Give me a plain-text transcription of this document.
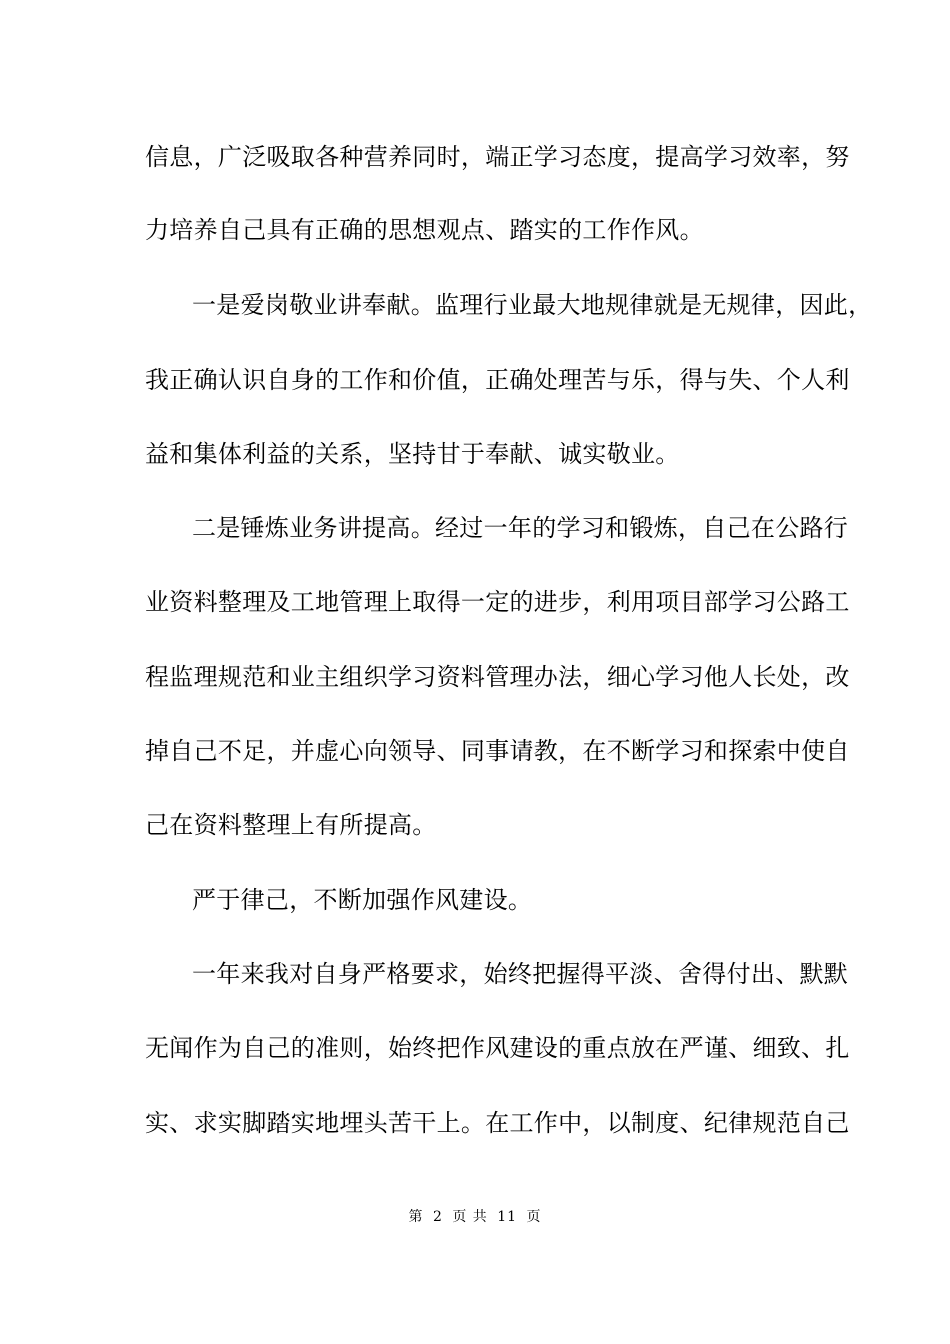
信息，广泛吸取各种营养同时，端正学习态度，提高学习效率，努
力培养自己具有正确的思想观点、踏实的工作作风。
一是爱岗敬业讲奉献。监理行业最大地规律就是无规律，因此，
我正确认识自身的工作和价值，正确处理苦与乐，得与失、个人利
益和集体利益的关系，坚持甘于奉献、诚实敬业。
二是锤炼业务讲提高。经过一年的学习和锻炼，自己在公路行
业资料整理及工地管理上取得一定的进步，利用项目部学习公路工
程监理规范和业主组织学习资料管理办法，细心学习他人长处，改
掉自己不足，并虚心向领导、同事请教，在不断学习和探索中使自
己在资料整理上有所提高。
严于律己，不断加强作风建设。
一年来我对自身严格要求，始终把握得平淡、舍得付出、默默
无闻作为自己的准则，始终把作风建设的重点放在严谨、细致、扎
实、求实脚踏实地埋头苦干上。在工作中，以制度、纪律规范自己
第 2 页 共 11 页
